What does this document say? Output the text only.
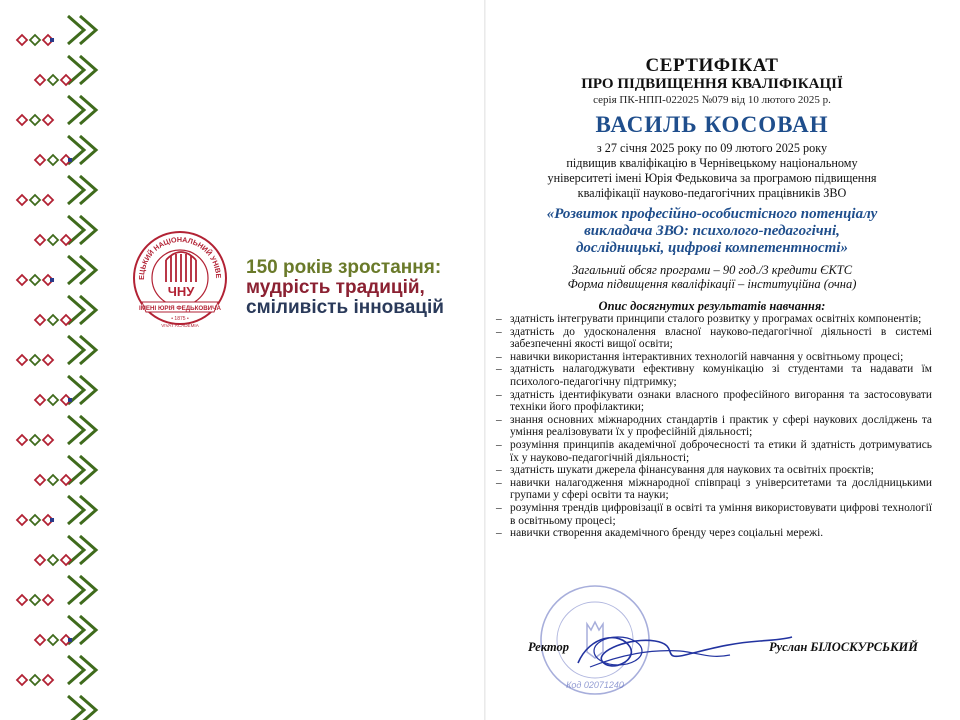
ЕЦЬКИЙ НАЦІОНАЛЬНИЙ УНІВЕ
ЧНУ
ІМЕНІ ЮРІЯ ФЕДЬКОВИЧА
• 1875 •
VIVAT ACADEMIA
150 років зростання:
мудрість традицій,
сміливість інновацій
Код 02071240
СЕРТИФІКАТ
ПРО ПІДВИЩЕННЯ КВАЛІФІКАЦІЇ
серія ПК-НПП-022025 №079 від 10 лютого 2025 р.
ВАСИЛЬ КОСОВАН
з 27 січня 2025 року по 09 лютого 2025 року
підвищив кваліфікацію в Чернівецькому національному
університеті імені Юрія Федьковича за програмою підвищення
кваліфікації науково-педагогічних працівників ЗВО
«Розвиток професійно-особистісного потенціалу
викладача ЗВО: психолого-педагогічні,
дослідницькі, цифрові компетентності»
Загальний обсяг програми – 90 год./3 кредити ЄКТС
Форма підвищення кваліфікації – інституційна (очна)
Опис досягнутих результатів навчання:
– здатність інтегрувати принципи сталого розвитку у програмах освітніх компонентів;
– здатність до удосконалення власної науково-педагогічної діяльності в системі забезпеченні якості вищої освіти;
– навички використання інтерактивних технологій навчання у освітньому процесі;
– здатність налагоджувати ефективну комунікацію зі студентами та надавати їм психолого-педагогічну підтримку;
– здатність ідентифікувати ознаки власного професійного вигорання та застосовувати техніки його профілактики;
– знання основних міжнародних стандартів і практик у сфері наукових досліджень та уміння реалізовувати їх у професійній діяльності;
– розуміння принципів академічної доброчесності та етики й здатність дотримуватись їх у науково-педагогічній діяльності;
– здатність шукати джерела фінансування для наукових та освітніх проєктів;
– навички налагодження міжнародної співпраці з університетами та дослідницькими групами у сфері освіти та науки;
– розуміння трендів цифровізації в освіті та уміння використовувати цифрові технології в освітньому процесі;
– навички створення академічного бренду через соціальні мережі.
Ректор	Руслан БІЛОСКУРСЬКИЙ
